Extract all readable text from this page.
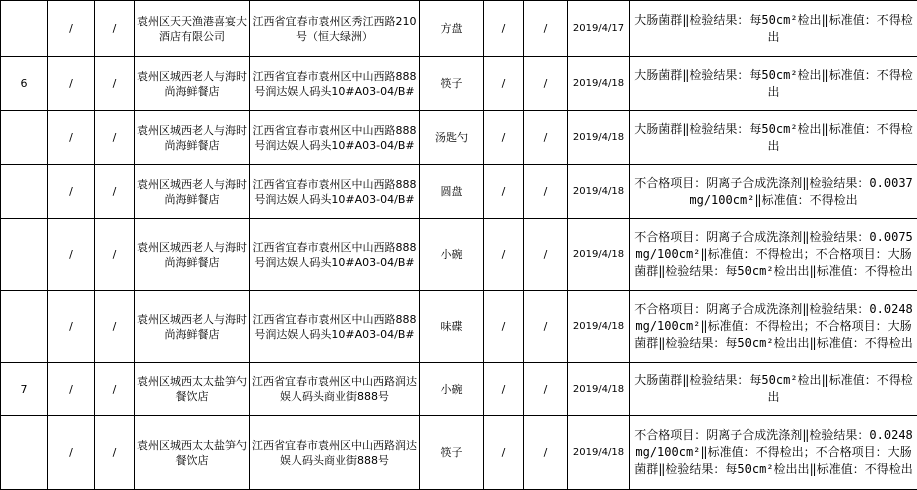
	/	/	袁州区天天渔港喜宴大酒店有限公司	江西省宜春市袁州区秀江西路210号（恒大绿洲）	方盘	/	/	2019/4/17	大肠菌群‖检验结果：每50cm²检出‖标准值：不得检出
6	/	/	袁州区城西老人与海时尚海鲜餐店	江西省宜春市袁州区中山西路888号润达娱人码头10#A03-04/B#	筷子	/	/	2019/4/18	大肠菌群‖检验结果：每50cm²检出‖标准值：不得检出
	/	/	袁州区城西老人与海时尚海鲜餐店	江西省宜春市袁州区中山西路888号润达娱人码头10#A03-04/B#	汤匙勺	/	/	2019/4/18	大肠菌群‖检验结果：每50cm²检出‖标准值：不得检出
	/	/	袁州区城西老人与海时尚海鲜餐店	江西省宜春市袁州区中山西路888号润达娱人码头10#A03-04/B#	圆盘	/	/	2019/4/18	不合格项目：阴离子合成洗涤剂‖检验结果：0.0037mg/100cm²‖标准值：不得检出
	/	/	袁州区城西老人与海时尚海鲜餐店	江西省宜春市袁州区中山西路888号润达娱人码头10#A03-04/B#	小碗	/	/	2019/4/18	不合格项目：阴离子合成洗涤剂‖检验结果：0.0075mg/100cm²‖标准值：不得检出；不合格项目：大肠菌群‖检验结果：每50cm²检出出‖标准值：不得检出
	/	/	袁州区城西老人与海时尚海鲜餐店	江西省宜春市袁州区中山西路888号润达娱人码头10#A03-04/B#	味碟	/	/	2019/4/18	不合格项目：阴离子合成洗涤剂‖检验结果：0.0248mg/100cm²‖标准值：不得检出；不合格项目：大肠菌群‖检验结果：每50cm²检出出‖标准值：不得检出
7	/	/	袁州区城西太太盐笋勺餐饮店	江西省宜春市袁州区中山西路润达娱人码头商业街888号	小碗	/	/	2019/4/18	大肠菌群‖检验结果：每50cm²检出‖标准值：不得检出
	/	/	袁州区城西太太盐笋勺餐饮店	江西省宜春市袁州区中山西路润达娱人码头商业街888号	筷子	/	/	2019/4/18	不合格项目：阴离子合成洗涤剂‖检验结果：0.0248mg/100cm²‖标准值：不得检出；不合格项目：大肠菌群‖检验结果：每50cm²检出出‖标准值：不得检出
